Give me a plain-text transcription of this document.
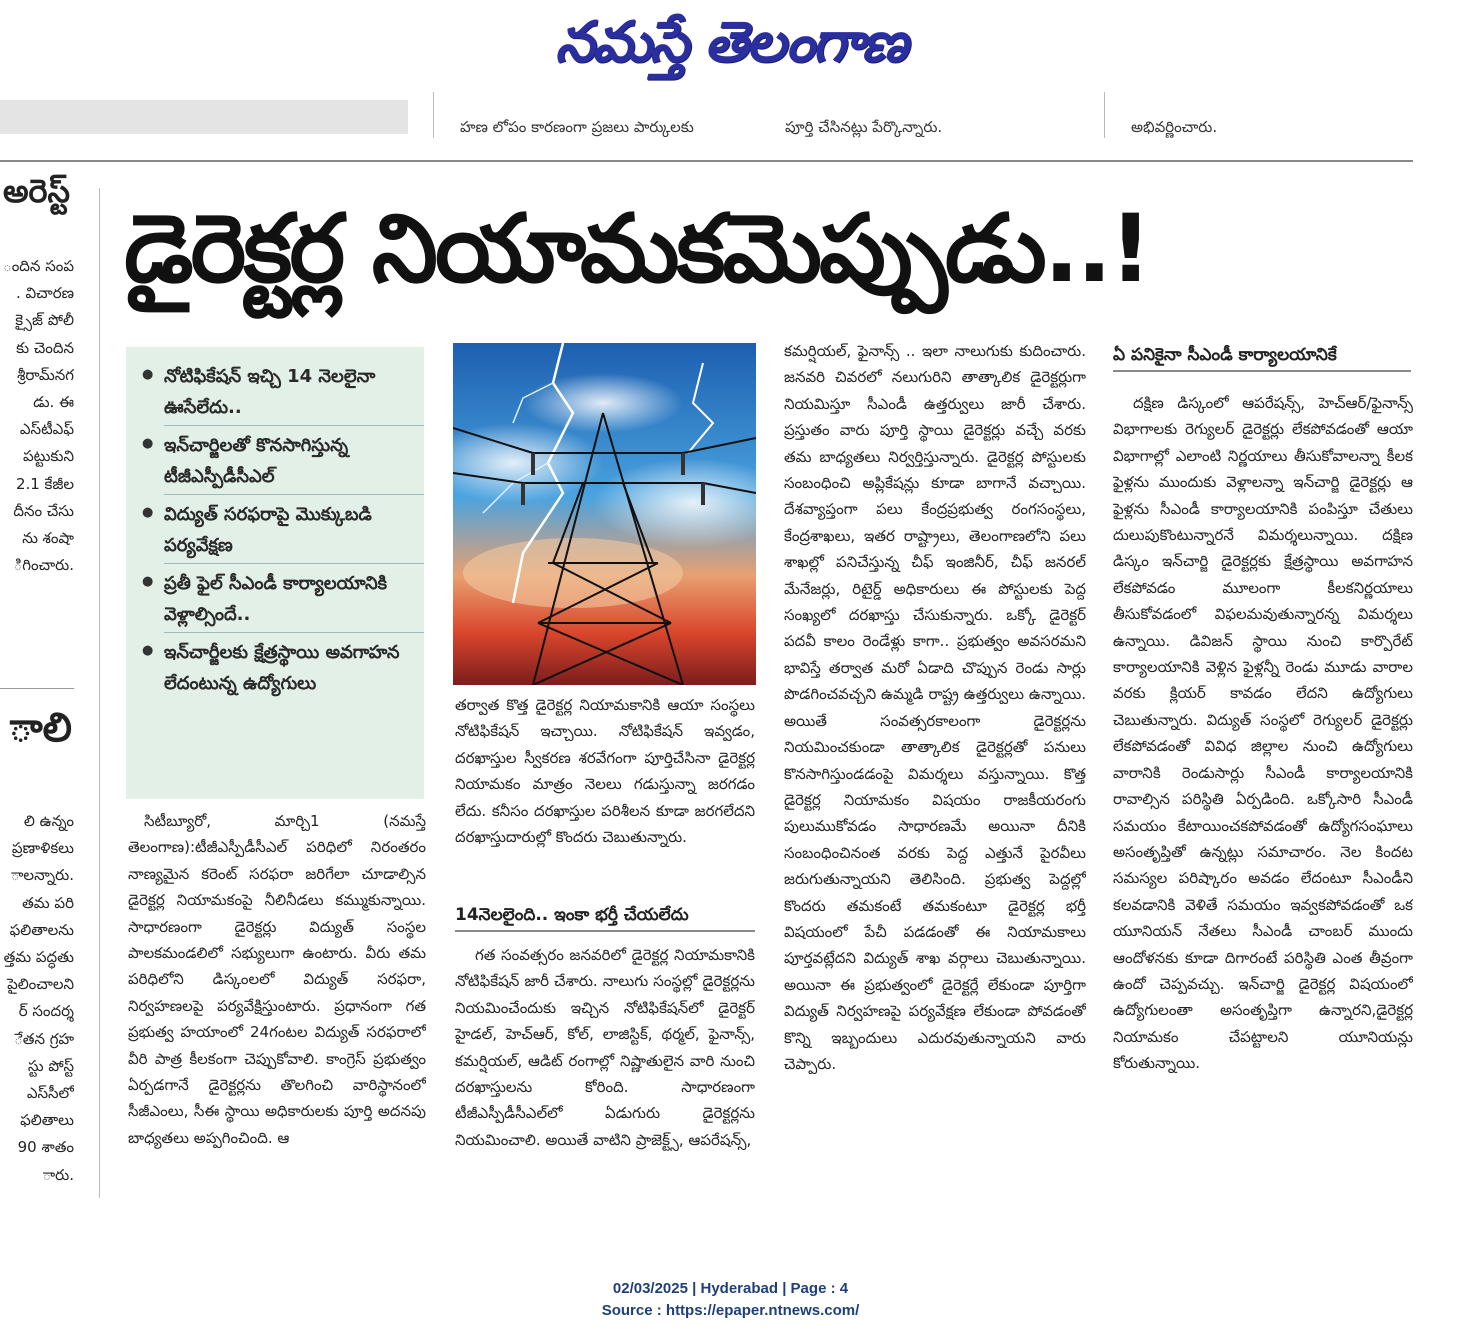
నమస్తే తెలంగాణ
హణ లోపం కారణంగా ప్రజలు పార్కులకు	పూర్తి చేసినట్లు పేర్కొన్నారు.	అభివర్ణించారు.
అరెస్ట్

ందిన సంప

. విచారణ

క్సైజ్ పోలీ

కు చెందిన

శ్రీరామ్‌నగ

డు. ఈ

ఎస్‌టీఎఫ్

పట్టుకుని

2.1 కేజీల

దీనం చేసు

ను శంషా

ిగించారు.

ాలి

లి ఉన్నం

ప్రణాళికలు

ాలన్నారు.

తమ పరి

ఫలితాలను

త్తమ పద్ధతు

పైలించాలని

ర్ సందర్శ

ేతన గ్రహ

స్టు పోస్ట్

ఎస్‌సీలో

ఫలితాలు

90 శాతం

ారు.

డైరెక్టర్ల నియామకమెప్పుడు..!
● నోటిఫికేషన్ ఇచ్చి 14 నెలలైనా ఊసేలేదు..
● ఇన్‌చార్జిలతో కొనసాగిస్తున్న టీజీఎస్పీడీసీఎల్
● విద్యుత్ సరఫరాపై మొక్కుబడి పర్యవేక్షణ
● ప్రతీ ఫైల్ సీఎండీ కార్యాలయానికి వెళ్లాల్సిందే..
● ఇన్‌చార్జీలకు క్షేత్రస్థాయి అవగాహన లేదంటున్న ఉద్యోగులు

సిటీబ్యూరో, మార్చి1 (నమస్తే తెలంగాణ):టీజీఎస్పీడీసీఎల్ పరిధిలో నిరంతరం నాణ్యమైన కరెంట్ సరఫరా జరిగేలా చూడాల్సిన డైరెక్టర్ల నియామకంపై నీలినీడలు కమ్ముకున్నాయి. సాధారణంగా డైరెక్టర్లు విద్యుత్ సంస్థల పాలకమండలిలో సభ్యులుగా ఉంటారు. వీరు తమ పరిధిలోని డిస్కంలలో విద్యుత్ సరఫరా, నిర్వహణలపై పర్యవేక్షిస్తుంటారు. ప్రధానంగా గత ప్రభుత్వ హయాంలో 24గంటల విద్యుత్ సరఫరాలో వీరి పాత్ర కీలకంగా చెప్పుకోవాలి. కాంగ్రెస్ ప్రభుత్వం ఏర్పడగానే డైరెక్టర్లను తొలగించి వారిస్థానంలో సీజీఎంలు, సీఈ స్థాయి అధికారులకు పూర్తి అదనపు బాధ్యతలు అప్పగించింది. ఆ

తర్వాత కొత్త డైరెక్టర్ల నియామకానికి ఆయా సంస్థలు నోటిఫికేషన్ ఇచ్చాయి. నోటిఫికేషన్ ఇవ్వడం, దరఖాస్తుల స్వీకరణ శరవేగంగా పూర్తిచేసినా డైరెక్టర్ల నియామకం మాత్రం నెలలు గడుస్తున్నా జరగడం లేదు. కనీసం దరఖాస్తుల పరిశీలన కూడా జరగలేదని దరఖాస్తుదారుల్లో కొందరు చెబుతున్నారు.

14నెలలైంది.. ఇంకా భర్తీ చేయలేదు

గత సంవత్సరం జనవరిలో డైరెక్టర్ల నియామకానికి నోటిఫికేషన్ జారీ చేశారు. నాలుగు సంస్థల్లో డైరెక్టర్లను నియమించేందుకు ఇచ్చిన నోటిఫికేషన్‌లో డైరెక్టర్ హైడల్, హెచ్ఆర్, కోల్, లాజిస్టిక్, థర్మల్, ఫైనాన్స్, కమర్షియల్, ఆడిట్ రంగాల్లో నిష్ణాతులైన వారి నుంచి దరఖాస్తులను కోరింది. సాధారణంగా టీజీఎస్పీడీసీఎల్‌లో ఏడుగురు డైరెక్టర్లను నియమించాలి. అయితే వాటిని ప్రాజెక్ట్స్, ఆపరేషన్స్,

కమర్షియల్, ఫైనాన్స్ .. ఇలా నాలుగుకు కుదించారు. జనవరి చివరలో నలుగురిని తాత్కాలిక డైరెక్టర్లుగా నియమిస్తూ సీఎండీ ఉత్తర్వులు జారీ చేశారు. ప్రస్తుతం వారు పూర్తి స్థాయి డైరెక్టర్లు వచ్చే వరకు తమ బాధ్యతలు నిర్వర్తిస్తున్నారు. డైరెక్టర్ల పోస్టులకు సంబంధించి అప్లికేషన్లు కూడా బాగానే వచ్చాయి. దేశవ్యాప్తంగా పలు కేంద్రప్రభుత్వ రంగసంస్థలు, కేంద్రశాఖలు, ఇతర రాష్ట్రాలు, తెలంగాణలోని పలు శాఖల్లో పనిచేస్తున్న చీఫ్ ఇంజినీర్, చీఫ్ జనరల్ మేనేజర్లు, రిటైర్డ్ అధికారులు ఈ పోస్టులకు పెద్ద సంఖ్యలో దరఖాస్తు చేసుకున్నారు. ఒక్కో డైరెక్టర్ పదవీ కాలం రెండేళ్లు కాగా.. ప్రభుత్వం అవసరమని భావిస్తే తర్వాత మరో ఏడాది చొప్పున రెండు సార్లు పొడగించవచ్చని ఉమ్మడి రాష్ట్ర ఉత్తర్వులు ఉన్నాయి. అయితే సంవత్సరకాలంగా డైరెక్టర్లను నియమించకుండా తాత్కాలిక డైరెక్టర్లతో పనులు కొనసాగిస్తుండడంపై విమర్శలు వస్తున్నాయి. కొత్త డైరెక్టర్ల నియామకం విషయం రాజకీయరంగు పులుముకోవడం సాధారణమే అయినా దీనికి సంబంధించినంత వరకు పెద్ద ఎత్తునే పైరవీలు జరుగుతున్నాయని తెలిసింది. ప్రభుత్వ పెద్దల్లో కొందరు తమకంటే తమకంటూ డైరెక్టర్ల భర్తీ విషయంలో పేచీ పడడంతో ఈ నియామకాలు పూర్తవట్లేదని విద్యుత్ శాఖ వర్గాలు చెబుతున్నాయి. అయినా ఈ ప్రభుత్వంలో డైరెక్టర్లే లేకుండా పూర్తిగా విద్యుత్ నిర్వహణపై పర్యవేక్షణ లేకుండా పోవడంతో కొన్ని ఇబ్బందులు ఎదురవుతున్నాయని వారు చెప్పారు.

ఏ పనికైనా సీఎండీ కార్యాలయానికే

దక్షిణ డిస్కంలో ఆపరేషన్స్, హెచ్ఆర్/ఫైనాన్స్ విభాగాలకు రెగ్యులర్ డైరెక్టర్లు లేకపోవడంతో ఆయా విభాగాల్లో ఎలాంటి నిర్ణయాలు తీసుకోవాలన్నా కీలక ఫైళ్లను ముందుకు వెళ్లాలన్నా ఇన్‌చార్జి డైరెక్టర్లు ఆ ఫైళ్లను సీఎండీ కార్యాలయానికి పంపిస్తూ చేతులు దులుపుకొంటున్నారనే విమర్శలున్నాయి. దక్షిణ డిస్కం ఇన్‌చార్జి డైరెక్టర్లకు క్షేత్రస్థాయి అవగాహన లేకపోవడం మూలంగా కీలకనిర్ణయాలు తీసుకోవడంలో విఫలమవుతున్నారన్న విమర్శలు ఉన్నాయి. డివిజన్ స్థాయి నుంచి కార్పొరేట్ కార్యాలయానికి వెళ్లిన ఫైళ్లన్నీ రెండు మూడు వారాల వరకు క్లియర్ కావడం లేదని ఉద్యోగులు చెబుతున్నారు. విద్యుత్ సంస్థలో రెగ్యులర్ డైరెక్టర్లు లేకపోవడంతో వివిధ జిల్లాల నుంచి ఉద్యోగులు వారానికి రెండుసార్లు సీఎండీ కార్యాలయానికి రావాల్సిన పరిస్థితి ఏర్పడింది. ఒక్కోసారి సీఎండీ సమయం కేటాయించకపోవడంతో ఉద్యోగసంఘాలు అసంతృప్తితో ఉన్నట్లు సమాచారం. నెల కిందట సమస్యల పరిష్కారం అవడం లేదంటూ సీఎండీని కలవడానికి వెళితే సమయం ఇవ్వకపోవడంతో ఒక యూనియన్ నేతలు సీఎండీ చాంబర్ ముందు ఆందోళనకు కూడా దిగారంటే పరిస్థితి ఎంత తీవ్రంగా ఉందో చెప్పవచ్చు. ఇన్‌చార్జి డైరెక్టర్ల విషయంలో ఉద్యోగులంతా అసంతృప్తిగా ఉన్నారని,డైరెక్టర్ల నియామకం చేపట్టాలని యూనియన్లు కోరుతున్నాయి.

02/03/2025 | Hyderabad | Page : 4
Source : https://epaper.ntnews.com/
